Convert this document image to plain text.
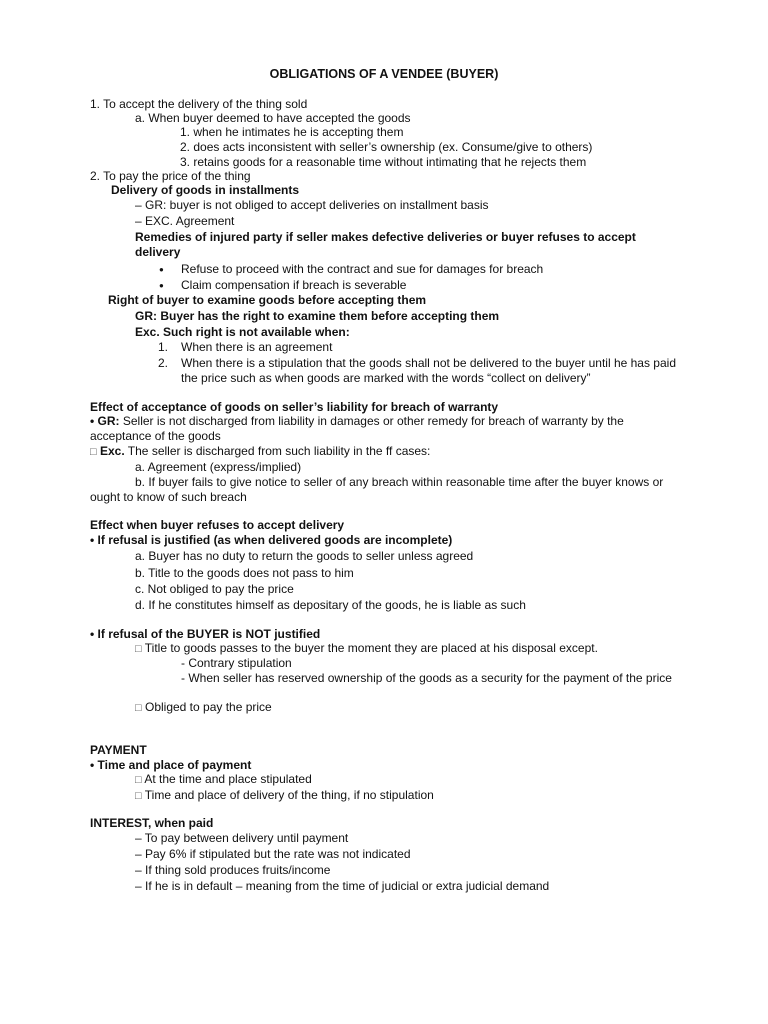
OBLIGATIONS OF A VENDEE (BUYER)
1. To accept the delivery of the thing sold
a. When buyer deemed to have accepted the goods
1. when he intimates he is accepting them
2. does acts inconsistent with seller’s ownership (ex. Consume/give to others)
3. retains goods for a reasonable time without intimating that he rejects them
2. To pay the price of the thing
Delivery of goods in installments
– GR: buyer is not obliged to accept deliveries on installment basis
– EXC. Agreement
Remedies of injured party if seller makes defective deliveries or buyer refuses to accept delivery
● Refuse to proceed with the contract and sue for damages for breach
● Claim compensation if breach is severable
Right of buyer to examine goods before accepting them
GR: Buyer has the right to examine them before accepting them
Exc. Such right is not available when:
1. When there is an agreement
2. When there is a stipulation that the goods shall not be delivered to the buyer until he has paid the price such as when goods are marked with the words “collect on delivery”
Effect of acceptance of goods on seller’s liability for breach of warranty
• GR: Seller is not discharged from liability in damages or other remedy for breach of warranty by the acceptance of the goods
□ Exc. The seller is discharged from such liability in the ff cases:
a. Agreement (express/implied)
b. If buyer fails to give notice to seller of any breach within reasonable time after the buyer knows or ought to know of such breach
Effect when buyer refuses to accept delivery
• If refusal is justified (as when delivered goods are incomplete)
a. Buyer has no duty to return the goods to seller unless agreed
b. Title to the goods does not pass to him
c. Not obliged to pay the price
d. If he constitutes himself as depositary of the goods, he is liable as such
• If refusal of the BUYER is NOT justified
□ Title to goods passes to the buyer the moment they are placed at his disposal except.
- Contrary stipulation
- When seller has reserved ownership of the goods as a security for the payment of the price
□ Obliged to pay the price
PAYMENT
• Time and place of payment
□ At the time and place stipulated
□ Time and place of delivery of the thing, if no stipulation
INTEREST, when paid
– To pay between delivery until payment
– Pay 6% if stipulated but the rate was not indicated
– If thing sold produces fruits/income
– If he is in default – meaning from the time of judicial or extra judicial demand
